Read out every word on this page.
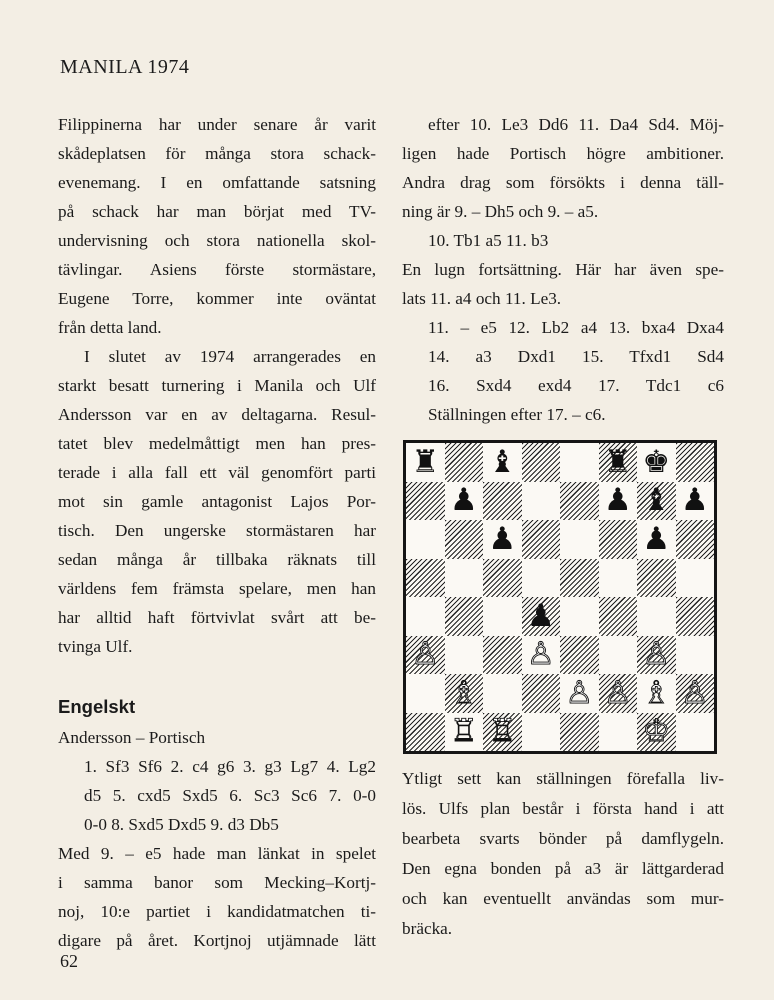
MANILA 1974

Filippinerna har under senare år varit

skådeplatsen för många stora schack-

evenemang. I en omfattande satsning

på schack har man börjat med TV-

undervisning och stora nationella skol-

tävlingar. Asiens förste stormästare,

Eugene Torre, kommer inte oväntat

från detta land.

I slutet av 1974 arrangerades en

starkt besatt turnering i Manila och Ulf

Andersson var en av deltagarna. Resul-

tatet blev medelmåttigt men han pres-

terade i alla fall ett väl genomfört parti

mot sin gamle antagonist Lajos Por-

tisch. Den ungerske stormästaren har

sedan många år tillbaka räknats till

världens fem främsta spelare, men han

har alltid haft förtvivlat svårt att be-

tvinga Ulf.

Engelskt

Andersson – Portisch

1. Sf3 Sf6 2. c4 g6 3. g3 Lg7 4. Lg2

d5 5. cxd5 Sxd5 6. Sc3 Sc6 7. 0-0

0-0 8. Sxd5 Dxd5 9. d3 Db5

Med 9. – e5 hade man länkat in spelet

i samma banor som Mecking–Kortj-

noj, 10:e partiet i kandidatmatchen ti-

digare på året. Kortjnoj utjämnade lätt

efter 10. Le3 Dd6 11. Da4 Sd4. Möj-

ligen hade Portisch högre ambitioner.

Andra drag som försökts i denna täll-

ning är 9. – Dh5 och 9. – a5.

10. Tb1 a5 11. b3

En lugn fortsättning. Här har även spe-

lats 11. a4 och 11. Le3.

11. – e5 12. Lb2 a4 13. bxa4 Dxa4

14. a3 Dxd1 15. Tfxd1 Sd4

16. Sxd4 exd4 17. Tdc1 c6

Ställningen efter 17. – c6.

♜ ♝	♜ ♚
♟	♟ ♝ ♟
♟	♟
♟
♙	♙	♙
♗	♙ ♙ ♗ ♙
♖ ♖	♔

Ytligt sett kan ställningen förefalla liv-

lös. Ulfs plan består i första hand i att

bearbeta svarts bönder på damflygeln.

Den egna bonden på a3 är lättgarderad

och kan eventuellt användas som mur-

bräcka.

62
